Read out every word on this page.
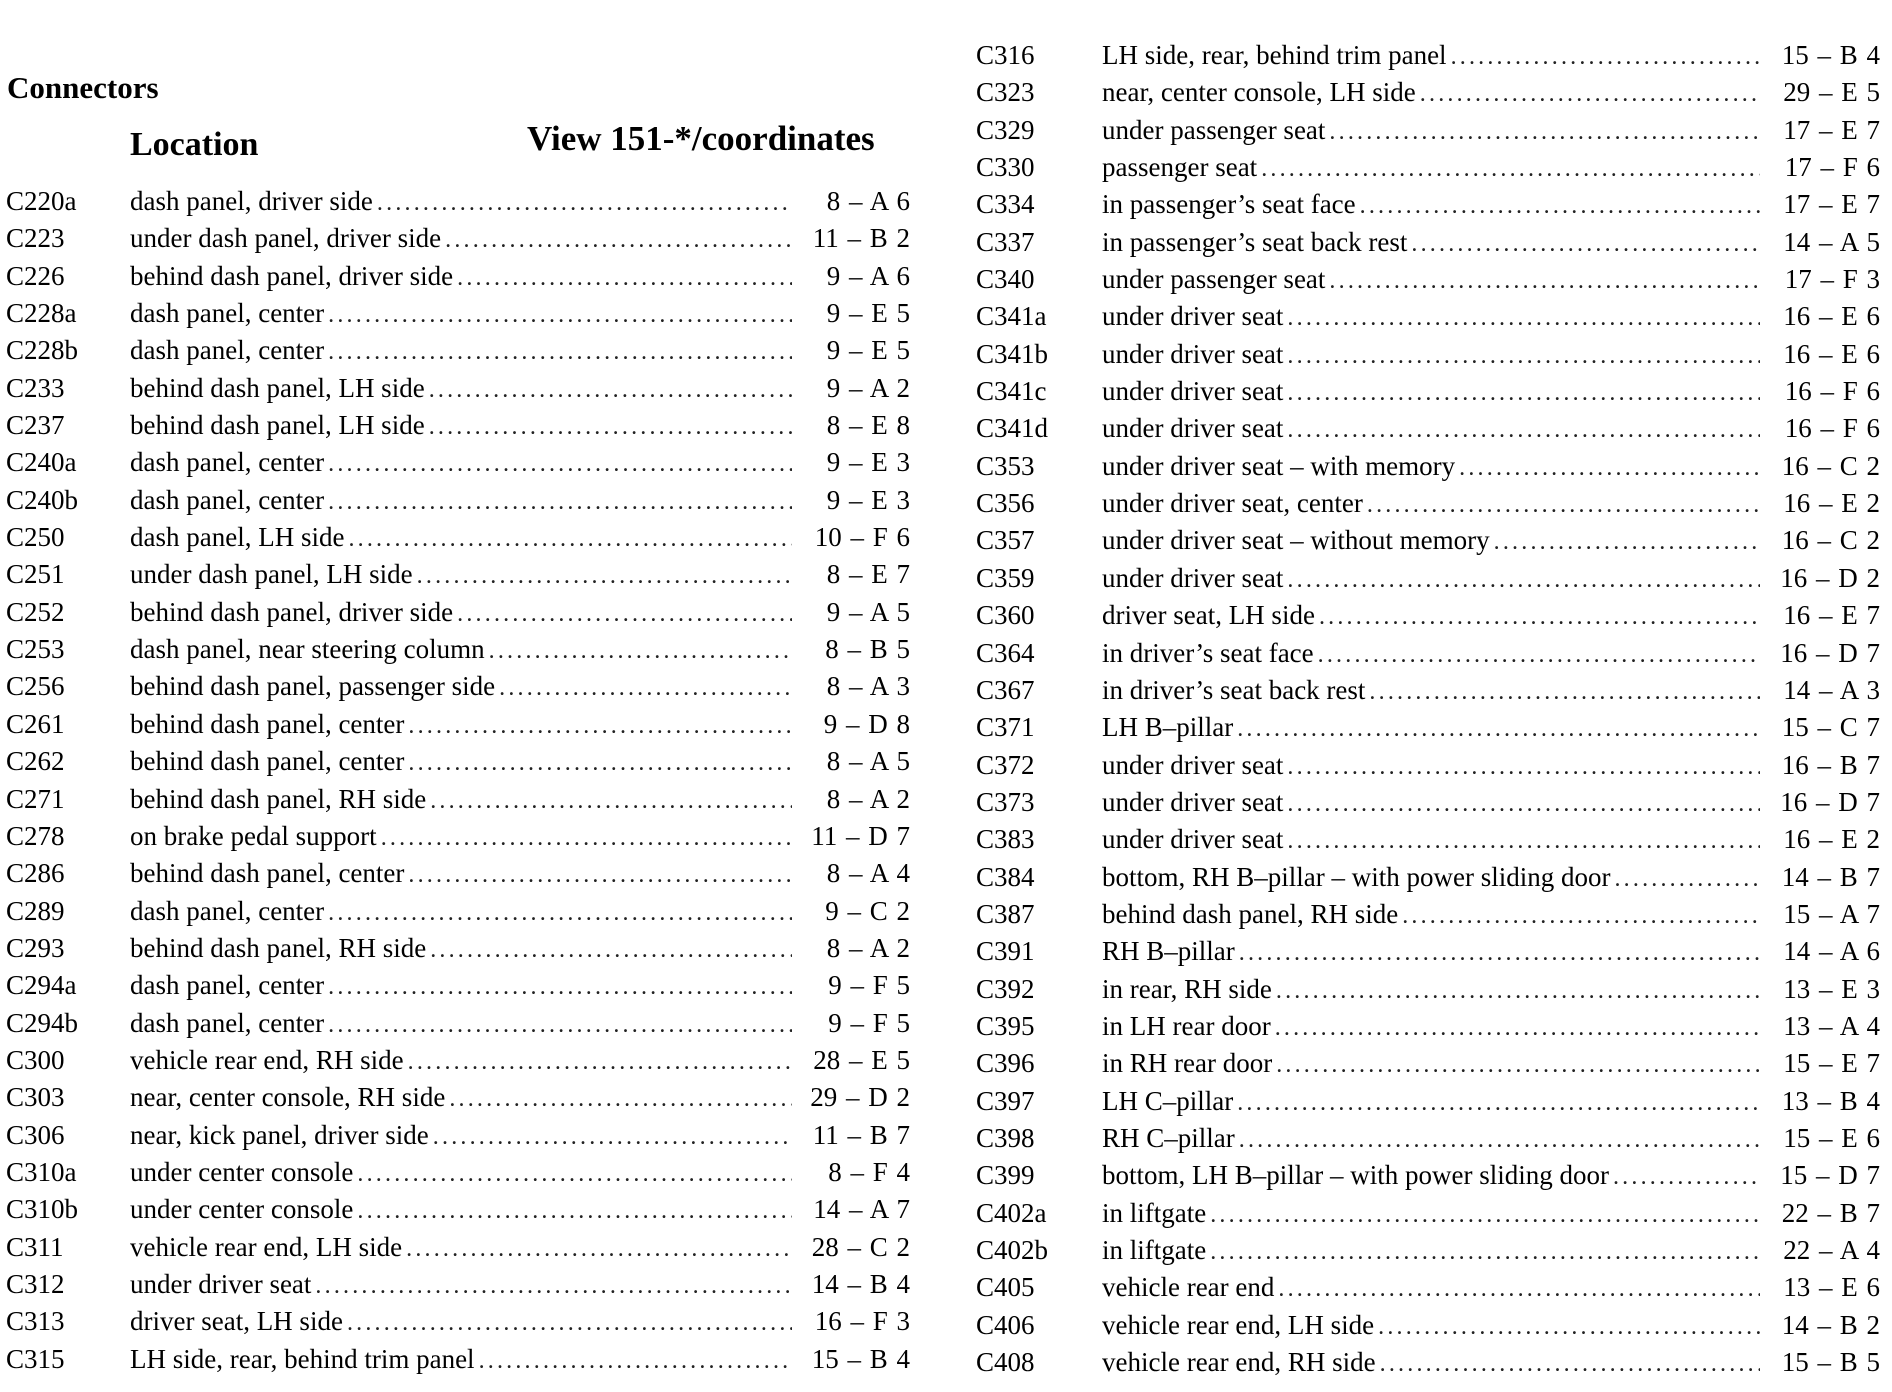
Connectors
Location	View 151-*/coordinates
C220a	dash panel, driver side .....	8 – A 6
C223	under dash panel, driver side .....	11 – B 2
C226	behind dash panel, driver side .....	9 – A 6
C228a	dash panel, center .....	9 – E 5
C228b	dash panel, center .....	9 – E 5
C233	behind dash panel, LH side .....	9 – A 2
C237	behind dash panel, LH side .....	8 – E 8
C240a	dash panel, center .....	9 – E 3
C240b	dash panel, center .....	9 – E 3
C250	dash panel, LH side .....	10 – F 6
C251	under dash panel, LH side .....	8 – E 7
C252	behind dash panel, driver side .....	9 – A 5
C253	dash panel, near steering column .....	8 – B 5
C256	behind dash panel, passenger side .....	8 – A 3
C261	behind dash panel, center .....	9 – D 8
C262	behind dash panel, center .....	8 – A 5
C271	behind dash panel, RH side .....	8 – A 2
C278	on brake pedal support .....	11 – D 7
C286	behind dash panel, center .....	8 – A 4
C289	dash panel, center .....	9 – C 2
C293	behind dash panel, RH side .....	8 – A 2
C294a	dash panel, center .....	9 – F 5
C294b	dash panel, center .....	9 – F 5
C300	vehicle rear end, RH side .....	28 – E 5
C303	near, center console, RH side .....	29 – D 2
C306	near, kick panel, driver side .....	11 – B 7
C310a	under center console .....	8 – F 4
C310b	under center console .....	14 – A 7
C311	vehicle rear end, LH side .....	28 – C 2
C312	under driver seat .....	14 – B 4
C313	driver seat, LH side .....	16 – F 3
C315	LH side, rear, behind trim panel .....	15 – B 4
C316	LH side, rear, behind trim panel .....	15 – B 4
C323	near, center console, LH side .....	29 – E 5
C329	under passenger seat .....	17 – E 7
C330	passenger seat .....	17 – F 6
C334	in passenger’s seat face .....	17 – E 7
C337	in passenger’s seat back rest .....	14 – A 5
C340	under passenger seat .....	17 – F 3
C341a	under driver seat .....	16 – E 6
C341b	under driver seat .....	16 – E 6
C341c	under driver seat .....	16 – F 6
C341d	under driver seat .....	16 – F 6
C353	under driver seat – with memory .....	16 – C 2
C356	under driver seat, center .....	16 – E 2
C357	under driver seat – without memory .....	16 – C 2
C359	under driver seat .....	16 – D 2
C360	driver seat, LH side .....	16 – E 7
C364	in driver’s seat face .....	16 – D 7
C367	in driver’s seat back rest .....	14 – A 3
C371	LH B–pillar .....	15 – C 7
C372	under driver seat .....	16 – B 7
C373	under driver seat .....	16 – D 7
C383	under driver seat .....	16 – E 2
C384	bottom, RH B–pillar – with power sliding door .....	14 – B 7
C387	behind dash panel, RH side .....	15 – A 7
C391	RH B–pillar .....	14 – A 6
C392	in rear, RH side .....	13 – E 3
C395	in LH rear door .....	13 – A 4
C396	in RH rear door .....	15 – E 7
C397	LH C–pillar .....	13 – B 4
C398	RH C–pillar .....	15 – E 6
C399	bottom, LH B–pillar – with power sliding door .....	15 – D 7
C402a	in liftgate .....	22 – B 7
C402b	in liftgate .....	22 – A 4
C405	vehicle rear end .....	13 – E 6
C406	vehicle rear end, LH side .....	14 – B 2
C408	vehicle rear end, RH side .....	15 – B 5
